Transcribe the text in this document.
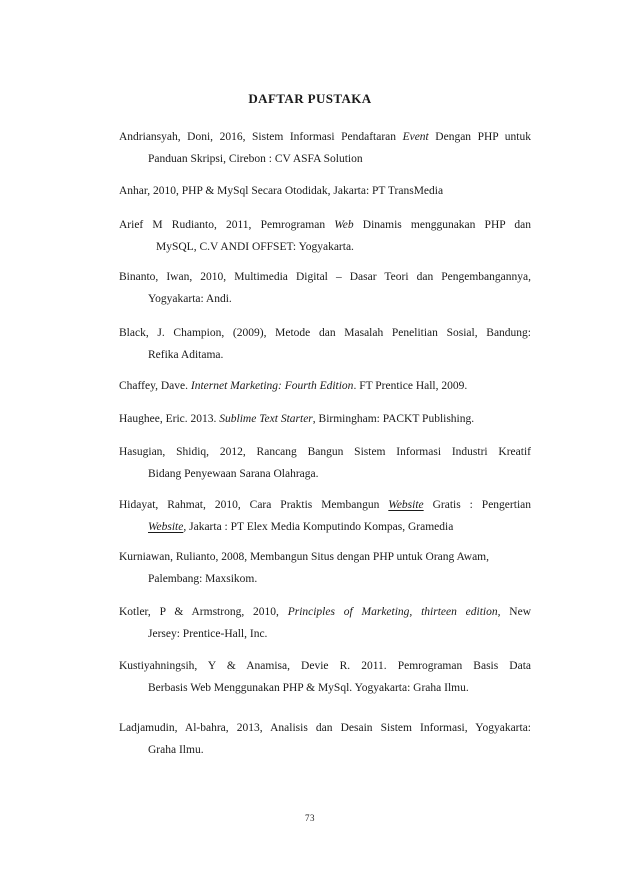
DAFTAR PUSTAKA
Andriansyah, Doni, 2016, Sistem Informasi Pendaftaran Event Dengan PHP untuk
Panduan Skripsi, Cirebon : CV ASFA Solution
Anhar, 2010, PHP & MySql Secara Otodidak, Jakarta: PT TransMedia
Arief M Rudianto, 2011, Pemrograman Web Dinamis menggunakan PHP dan
MySQL, C.V ANDI OFFSET: Yogyakarta.
Binanto, Iwan, 2010, Multimedia Digital – Dasar Teori dan Pengembangannya,
Yogyakarta: Andi.
Black, J. Champion, (2009), Metode dan Masalah Penelitian Sosial, Bandung:
Refika Aditama.
Chaffey, Dave. Internet Marketing: Fourth Edition. FT Prentice Hall, 2009.
Haughee, Eric. 2013. Sublime Text Starter, Birmingham: PACKT Publishing.
Hasugian, Shidiq, 2012, Rancang Bangun Sistem Informasi Industri Kreatif
Bidang Penyewaan Sarana Olahraga.
Hidayat, Rahmat, 2010, Cara Praktis Membangun Website Gratis : Pengertian
Website, Jakarta : PT Elex Media Komputindo Kompas, Gramedia
Kurniawan, Rulianto, 2008, Membangun Situs dengan PHP untuk Orang Awam,
Palembang: Maxsikom.
Kotler, P & Armstrong, 2010, Principles of Marketing, thirteen edition, New
Jersey: Prentice-Hall, Inc.
Kustiyahningsih, Y & Anamisa, Devie R. 2011. Pemrograman Basis Data
Berbasis Web Menggunakan PHP & MySql. Yogyakarta: Graha Ilmu.
Ladjamudin, Al-bahra, 2013, Analisis dan Desain Sistem Informasi, Yogyakarta:
Graha Ilmu.
73
